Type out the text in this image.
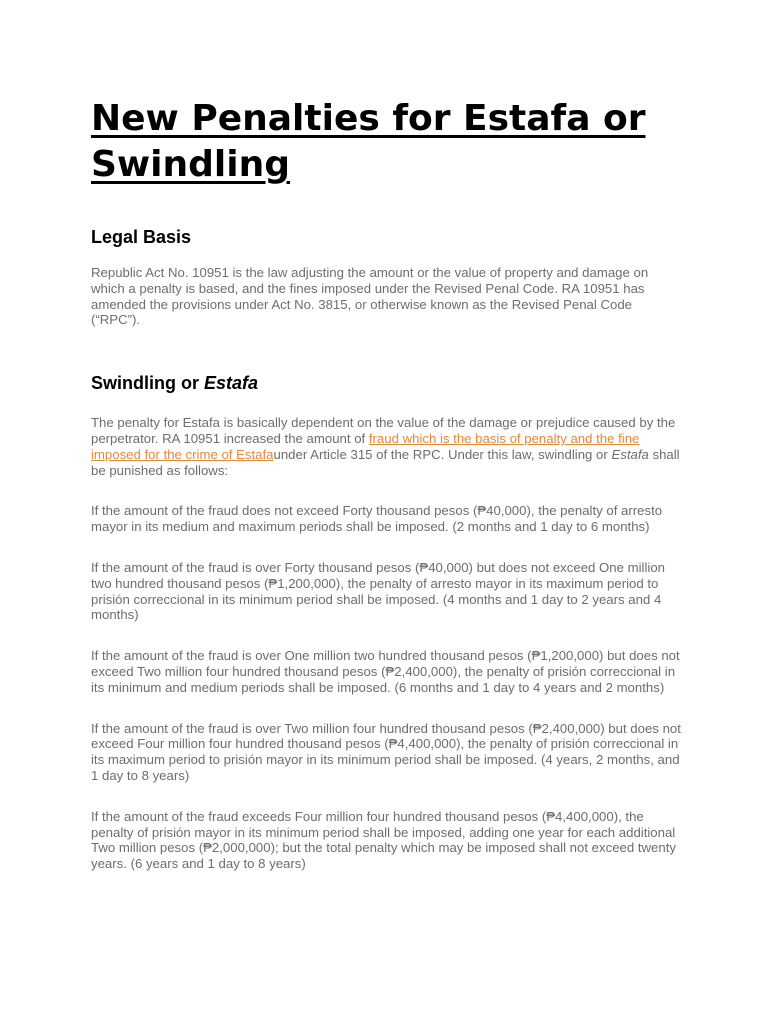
New Penalties for Estafa or Swindling
Legal Basis

Republic Act No. 10951 is the law adjusting the amount or the value of property and damage on which a penalty is based, and the fines imposed under the Revised Penal Code. RA 10951 has amended the provisions under Act No. 3815, or otherwise known as the Revised Penal Code (“RPC”).

Swindling or Estafa

The penalty for Estafa is basically dependent on the value of the damage or prejudice caused by the perpetrator. RA 10951 increased the amount of fraud which is the basis of penalty and the fine imposed for the crime of Estafaunder Article 315 of the RPC. Under this law, swindling or Estafa shall be punished as follows:

If the amount of the fraud does not exceed Forty thousand pesos (₱40,000), the penalty of arresto mayor in its medium and maximum periods shall be imposed. (2 months and 1 day to 6 months)

If the amount of the fraud is over Forty thousand pesos (₱40,000) but does not exceed One million two hundred thousand pesos (₱1,200,000), the penalty of arresto mayor in its maximum period to prisión correccional in its minimum period shall be imposed. (4 months and 1 day to 2 years and 4 months)

If the amount of the fraud is over One million two hundred thousand pesos (₱1,200,000) but does not exceed Two million four hundred thousand pesos (₱2,400,000), the penalty of prisión correccional in its minimum and medium periods shall be imposed. (6 months and 1 day to 4 years and 2 months)

If the amount of the fraud is over Two million four hundred thousand pesos (₱2,400,000) but does not exceed Four million four hundred thousand pesos (₱4,400,000), the penalty of prisión correccional in its maximum period to prisión mayor in its minimum period shall be imposed. (4 years, 2 months, and 1 day to 8 years)

If the amount of the fraud exceeds Four million four hundred thousand pesos (₱4,400,000), the penalty of prisión mayor in its minimum period shall be imposed, adding one year for each additional Two million pesos (₱2,000,000); but the total penalty which may be imposed shall not exceed twenty years. (6 years and 1 day to 8 years)
